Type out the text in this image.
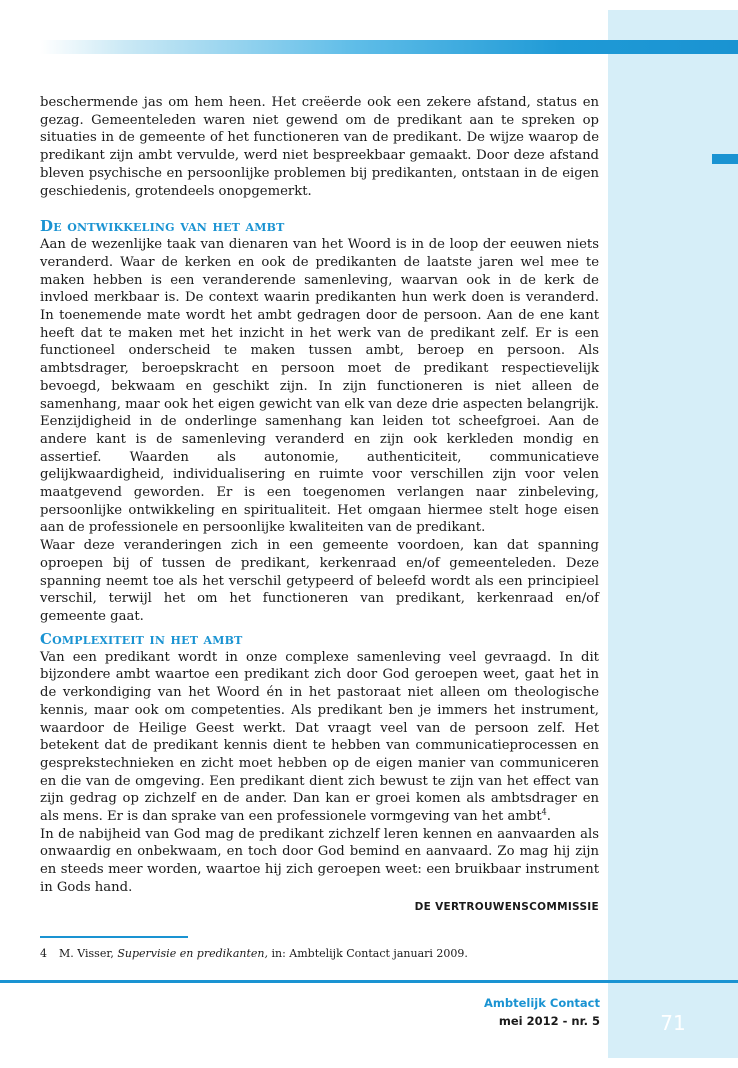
beschermende jas om hem heen. Het creëerde ook een zekere afstand, status en gezag. Gemeenteleden waren niet gewend om de predikant aan te spreken op situaties in de gemeente of het functioneren van de predikant. De wijze waarop de predikant zijn ambt vervulde, werd niet bespreekbaar gemaakt. Door deze afstand bleven psychische en persoonlijke problemen bij predikanten, ontstaan in de eigen geschiedenis, grotendeels onopgemerkt.

De ontwikkeling van het ambt

Aan de wezenlijke taak van dienaren van het Woord is in de loop der eeuwen niets veranderd. Waar de kerken en ook de predikanten de laatste jaren wel mee te maken hebben is een veranderende samenleving, waarvan ook in de kerk de invloed merkbaar is. De context waarin predikanten hun werk doen is veranderd. In toenemende mate wordt het ambt gedragen door de persoon. Aan de ene kant heeft dat te maken met het inzicht in het werk van de predikant zelf. Er is een functioneel onderscheid te maken tussen ambt, beroep en persoon. Als ambtsdrager, beroepskracht en persoon moet de predikant respectievelijk bevoegd, bekwaam en geschikt zijn. In zijn functioneren is niet alleen de samenhang, maar ook het eigen gewicht van elk van deze drie aspecten belangrijk. Eenzijdigheid in de onderlinge samenhang kan leiden tot scheefgroei. Aan de andere kant is de samenleving veranderd en zijn ook kerkleden mondig en assertief. Waarden als autonomie, authenticiteit, communicatieve gelijkwaardigheid, individualisering en ruimte voor verschillen zijn voor velen maatgevend geworden. Er is een toegenomen verlangen naar zinbeleving, persoonlijke ontwikkeling en spiritualiteit. Het omgaan hiermee stelt hoge eisen aan de professionele en persoonlijke kwaliteiten van de predikant.

Waar deze veranderingen zich in een gemeente voordoen, kan dat spanning oproepen bij of tussen de predikant, kerkenraad en/of gemeenteleden. Deze spanning neemt toe als het verschil getypeerd of beleefd wordt als een principieel verschil, terwijl het om het functioneren van predikant, kerkenraad en/of gemeente gaat.

Complexiteit in het ambt

Van een predikant wordt in onze complexe samenleving veel gevraagd. In dit bijzondere ambt waartoe een predikant zich door God geroepen weet, gaat het in de verkondiging van het Woord én in het pastoraat niet alleen om theologische kennis, maar ook om competenties. Als predikant ben je immers het instrument, waardoor de Heilige Geest werkt. Dat vraagt veel van de persoon zelf. Het betekent dat de predikant kennis dient te hebben van communicatieprocessen en gesprekstechnieken en zicht moet hebben op de eigen manier van communiceren en die van de omgeving. Een predikant dient zich bewust te zijn van het effect van zijn gedrag op zichzelf en de ander. Dan kan er groei komen als ambtsdrager en als mens. Er is dan sprake van een professionele vormgeving van het ambt$^4$.

In de nabijheid van God mag de predikant zichzelf leren kennen en aanvaarden als onwaardig en onbekwaam, en toch door God bemind en aanvaard. Zo mag hij zijn en steeds meer worden, waartoe hij zich geroepen weet: een bruikbaar instrument in Gods hand.

DE VERTROUWENSCOMMISSIE
4 M. Visser, Supervisie en predikanten, in: Ambtelijk Contact januari 2009.
Ambtelijk Contact
mei 2012 - nr. 5	71
